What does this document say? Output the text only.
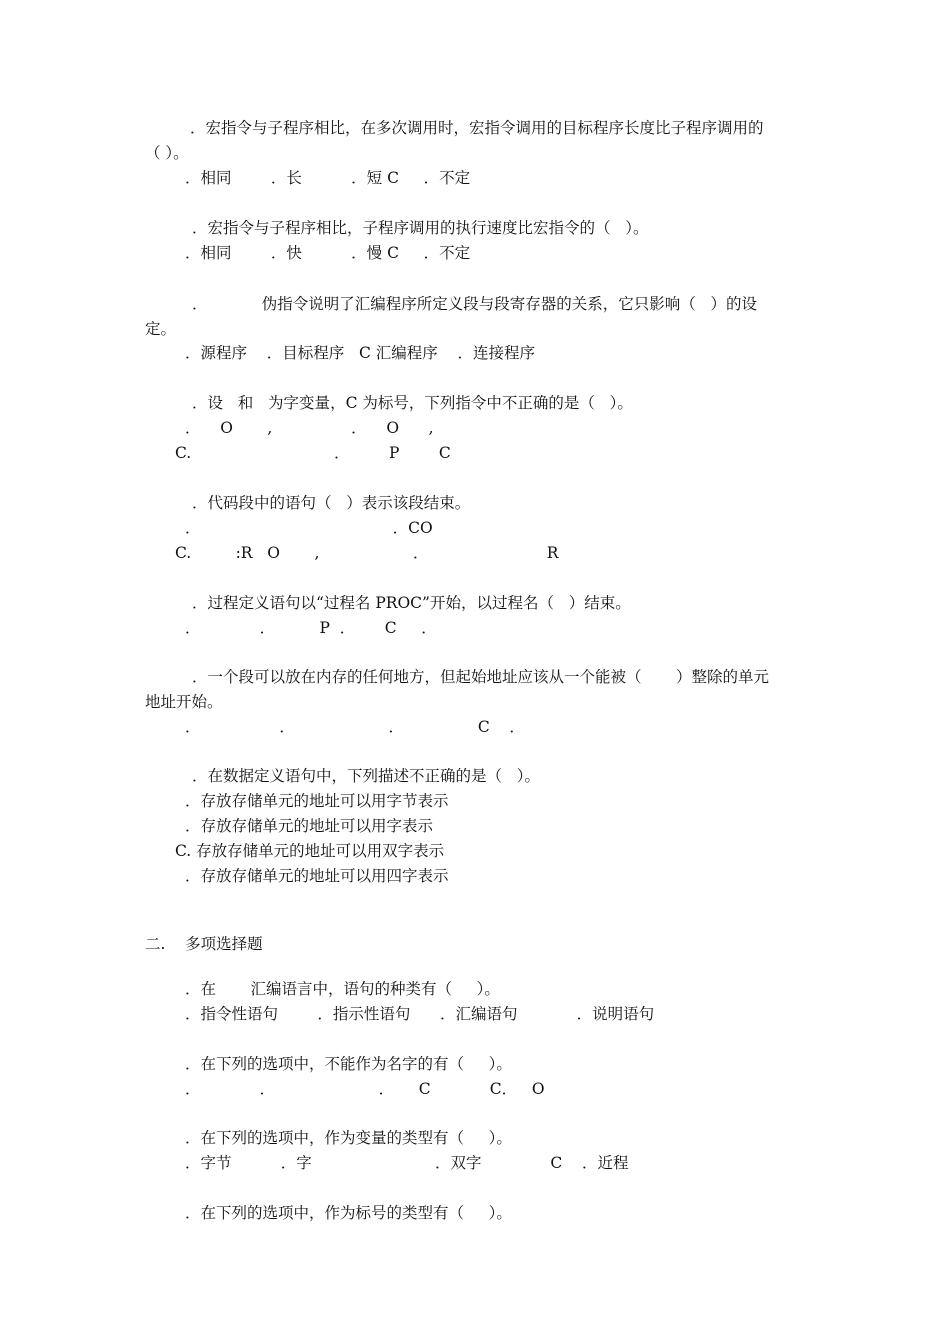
．宏指令与子程序相比，在多次调用时，宏指令调用的目标程序长度比子程序调用的
（ ）。
．相同        ．长          ．短 C     ．不定
．宏指令与子程序相比，子程序调用的执行速度比宏指令的（   ）。
．相同        ．快          ．慢 C     ．不定
．           伪指令说明了汇编程序所定义段与段寄存器的关系，它只影响（   ）的设
定。
．源程序    ．目标程序   C 汇编程序    ．连接程序
．设   和   为字变量，C 为标号，下列指令中不正确的是（   ）。
．    O       ,                ．    O      ,
C.                             ．        P        C
．代码段中的语句（   ）表示该段结束。
．                                       ．CO
C.         :R   O       ,                   ．                        R
．过程定义语句以“过程名 PROC”开始，以过程名（   ）结束。
．            ．         P  ．      C     ．
．一个段可以放在内存的任何地方，但起始地址应该从一个能被（       ）整除的单元
地址开始。
．                ．                   ．               C    ．
．在数据定义语句中，下列描述不正确的是（   ）。
．存放存储单元的地址可以用字节表示
．存放存储单元的地址可以用字表示
C. 存放存储单元的地址可以用双字表示
．存放存储单元的地址可以用四字表示
二.    多项选择题
．在       汇编语言中，语句的种类有（     ）。
．指令性语句        ．指示性语句      ．汇编语句            ．说明语句
．在下列的选项中，不能作为名字的有（     ）。
．            ．                     ．     C            C．   O
．在下列的选项中，作为变量的类型有（     ）。
．字节          ．字                         ．双字              C    ．近程
．在下列的选项中，作为标号的类型有（     ）。
